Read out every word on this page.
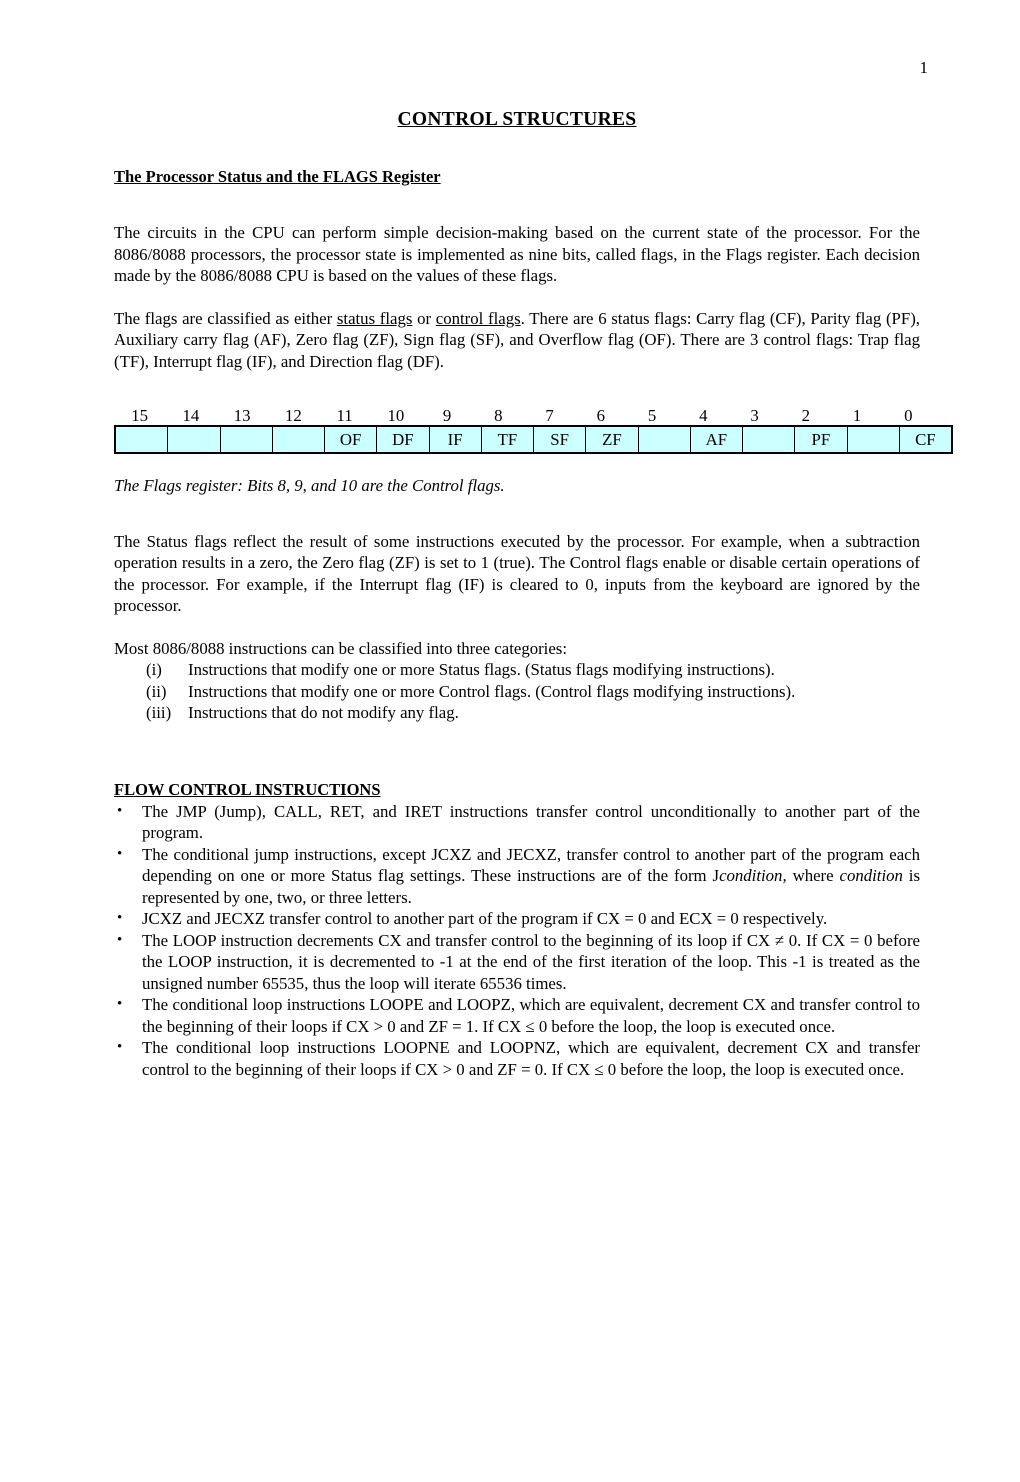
1
CONTROL STRUCTURES
The Processor Status and the FLAGS Register

The circuits in the CPU can perform simple decision-making based on the current state of the processor. For the 8086/8088 processors, the processor state is implemented as nine bits, called flags, in the Flags register. Each decision made by the 8086/8088 CPU is based on the values of these flags.

The flags are classified as either status flags or control flags. There are 6 status flags: Carry flag (CF), Parity flag (PF), Auxiliary carry flag (AF), Zero flag (ZF), Sign flag (SF), and Overflow flag (OF). There are 3 control flags: Trap flag (TF), Interrupt flag (IF), and Direction flag (DF).

15	14	13	12	11	10	9	8	7	6	5	4	3	2	1	0
				OF	DF	IF	TF	SF	ZF		AF		PF		CF

The Flags register: Bits 8, 9, and 10 are the Control flags.

The Status flags reflect the result of some instructions executed by the processor. For example, when a subtraction operation results in a zero, the Zero flag (ZF) is set to 1 (true). The Control flags enable or disable certain operations of the processor. For example, if the Interrupt flag (IF) is cleared to 0, inputs from the keyboard are ignored by the processor.

Most 8086/8088 instructions can be classified into three categories:

(i)	Instructions that modify one or more Status flags. (Status flags modifying instructions).
(ii)	Instructions that modify one or more Control flags. (Control flags modifying instructions).
(iii)	Instructions that do not modify any flag.
FLOW CONTROL INSTRUCTIONS
•	The JMP (Jump), CALL, RET, and IRET instructions transfer control unconditionally to another part of the program.
•	The conditional jump instructions, except JCXZ and JECXZ, transfer control to another part of the program each depending on one or more Status flag settings. These instructions are of the form Jcondition, where condition is represented by one, two, or three letters.
•	JCXZ and JECXZ transfer control to another part of the program if CX = 0 and ECX = 0 respectively.
•	The LOOP instruction decrements CX and transfer control to the beginning of its loop if CX ≠ 0. If CX = 0 before the LOOP instruction, it is decremented to -1 at the end of the first iteration of the loop. This -1 is treated as the unsigned number 65535, thus the loop will iterate 65536 times.
•	The conditional loop instructions LOOPE and LOOPZ, which are equivalent, decrement CX and transfer control to the beginning of their loops if CX > 0 and ZF = 1. If CX ≤ 0 before the loop, the loop is executed once.
•	The conditional loop instructions LOOPNE and LOOPNZ, which are equivalent, decrement CX and transfer control to the beginning of their loops if CX > 0 and ZF = 0. If CX ≤ 0 before the loop, the loop is executed once.
